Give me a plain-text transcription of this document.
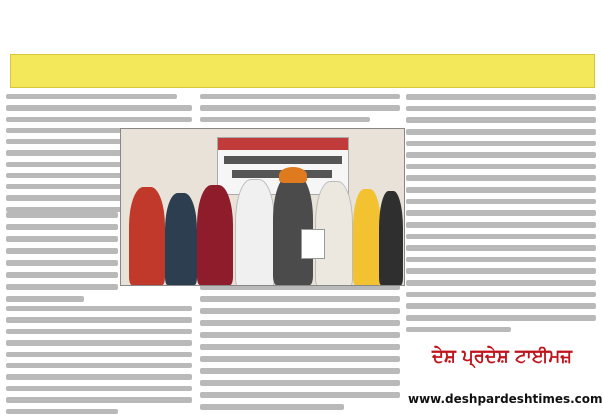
ਦੇਸ਼ ਪ੍ਰਦੇਸ਼ ਟਾਈਮਜ਼
www.deshpardeshtimes.com
